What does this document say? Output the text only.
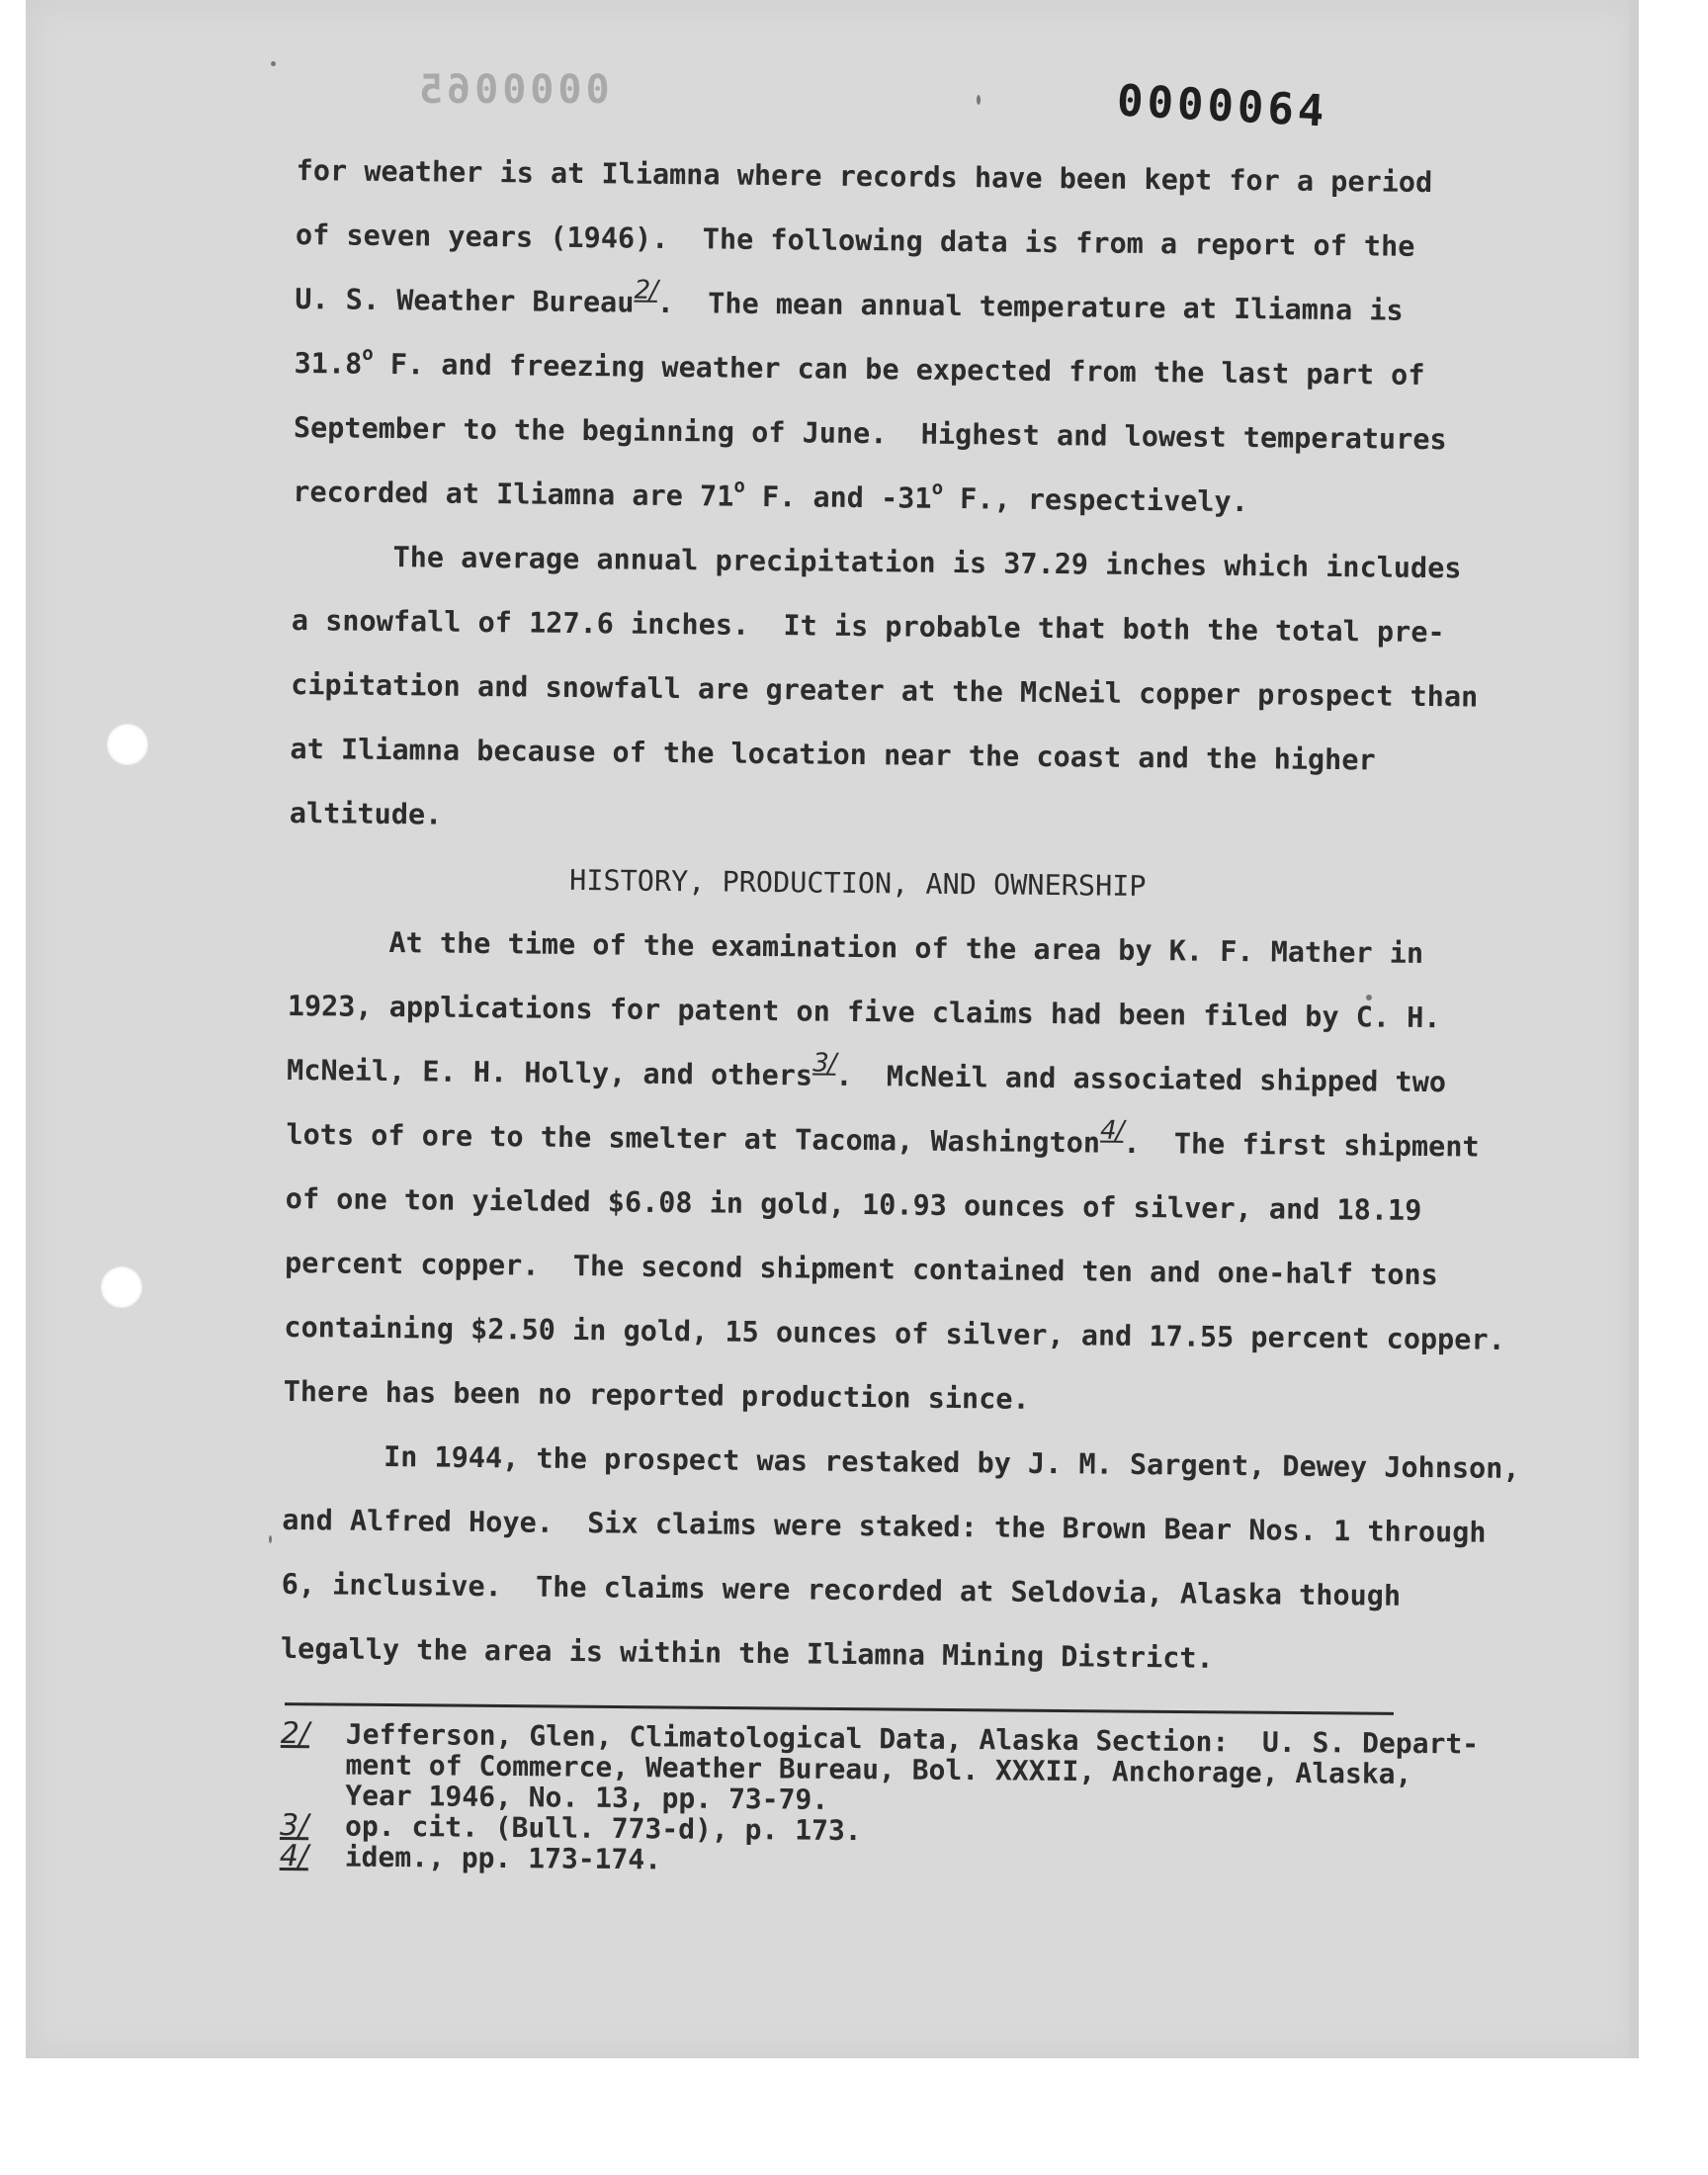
0000065	0000064
for weather is at Iliamna where records have been kept for a period
of seven years (1946).  The following data is from a report of the
U. S. Weather Bureau2/.  The mean annual temperature at Iliamna is
31.8$^o$ F. and freezing weather can be expected from the last part of
September to the beginning of June.  Highest and lowest temperatures
recorded at Iliamna are 71$^o$ F. and -31$^o$ F., respectively.
The average annual precipitation is 37.29 inches which includes
a snowfall of 127.6 inches.  It is probable that both the total pre-
cipitation and snowfall are greater at the McNeil copper prospect than
at Iliamna because of the location near the coast and the higher
altitude.
HISTORY, PRODUCTION, AND OWNERSHIP
At the time of the examination of the area by K. F. Mather in
1923, applications for patent on five claims had been filed by C. H.
McNeil, E. H. Holly, and others3/.  McNeil and associated shipped two
lots of ore to the smelter at Tacoma, Washington4/.  The first shipment
of one ton yielded $6.08 in gold, 10.93 ounces of silver, and 18.19
percent copper.  The second shipment contained ten and one-half tons
containing $2.50 in gold, 15 ounces of silver, and 17.55 percent copper.
There has been no reported production since.
In 1944, the prospect was restaked by J. M. Sargent, Dewey Johnson,
and Alfred Hoye.  Six claims were staked: the Brown Bear Nos. 1 through
6, inclusive.  The claims were recorded at Seldovia, Alaska though
legally the area is within the Iliamna Mining District.
2/	Jefferson, Glen, Climatological Data, Alaska Section:  U. S. Depart-
ment of Commerce, Weather Bureau, Bol. XXXII, Anchorage, Alaska,
Year 1946, No. 13, pp. 73-79.
3/	op. cit. (Bull. 773-d), p. 173.
4/	idem., pp. 173-174.
